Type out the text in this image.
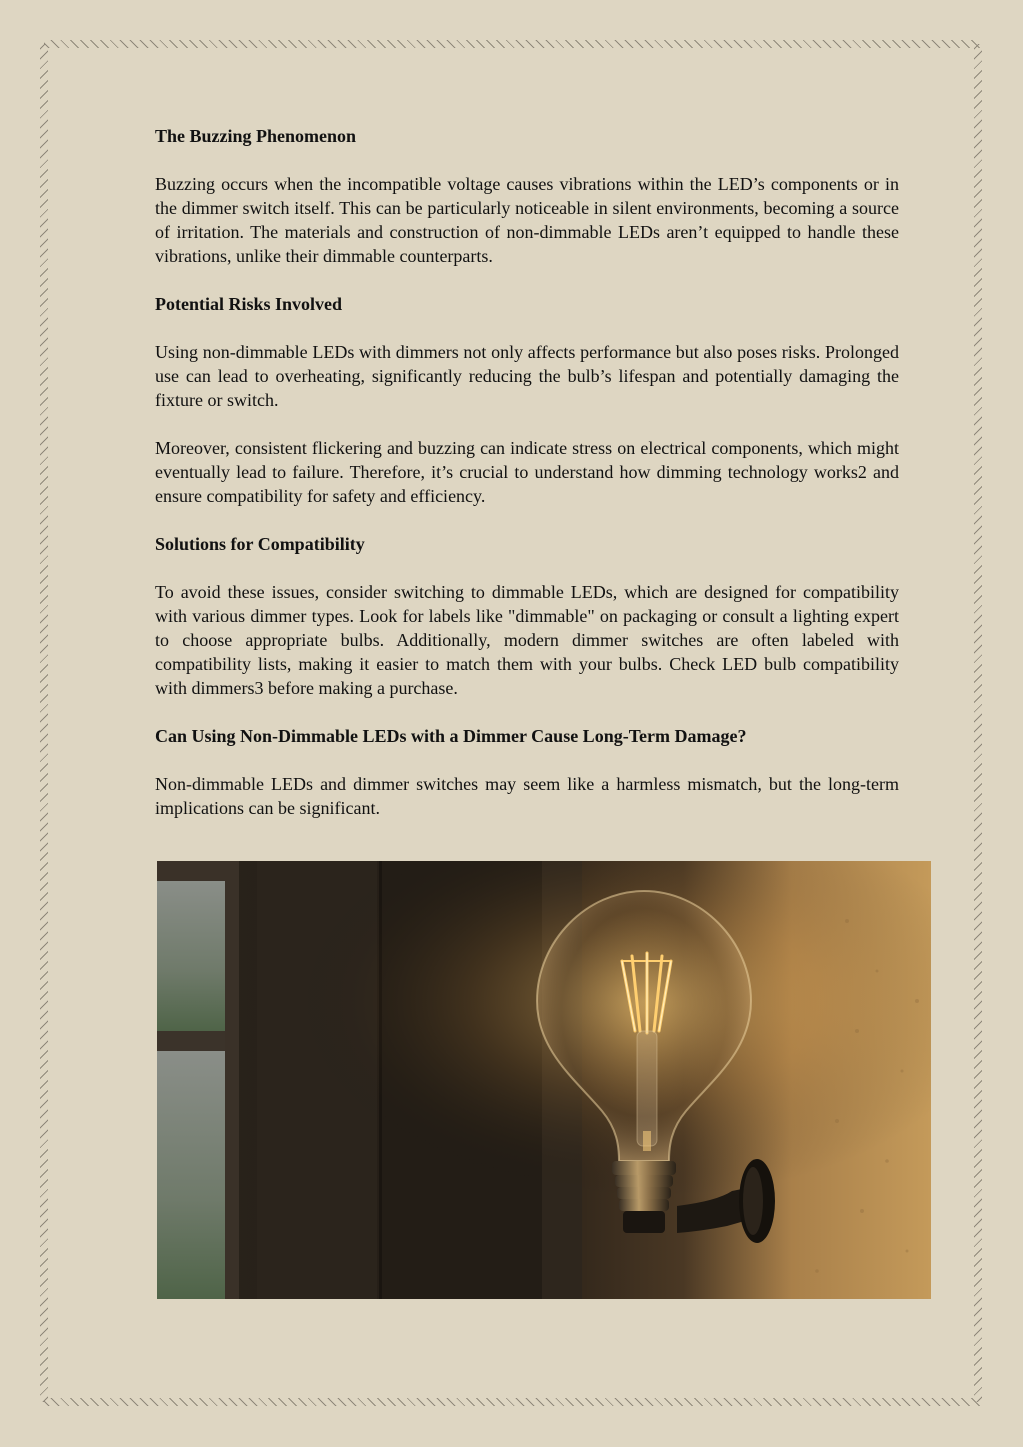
The Buzzing Phenomenon

Buzzing occurs when the incompatible voltage causes vibrations within the LED’s components or in the dimmer switch itself. This can be particularly noticeable in silent environments, becoming a source of irritation. The materials and construction of non-dimmable LEDs aren’t equipped to handle these vibrations, unlike their dimmable counterparts.

Potential Risks Involved

Using non-dimmable LEDs with dimmers not only affects performance but also poses risks. Prolonged use can lead to overheating, significantly reducing the bulb’s lifespan and potentially damaging the fixture or switch.

Moreover, consistent flickering and buzzing can indicate stress on electrical components, which might eventually lead to failure. Therefore, it’s crucial to understand how dimming technology works2 and ensure compatibility for safety and efficiency.

Solutions for Compatibility

To avoid these issues, consider switching to dimmable LEDs, which are designed for compatibility with various dimmer types. Look for labels like "dimmable" on packaging or consult a lighting expert to choose appropriate bulbs. Additionally, modern dimmer switches are often labeled with compatibility lists, making it easier to match them with your bulbs. Check LED bulb compatibility with dimmers3 before making a purchase.

Can Using Non-Dimmable LEDs with a Dimmer Cause Long-Term Damage?

Non-dimmable LEDs and dimmer switches may seem like a harmless mismatch, but the long-term implications can be significant.
